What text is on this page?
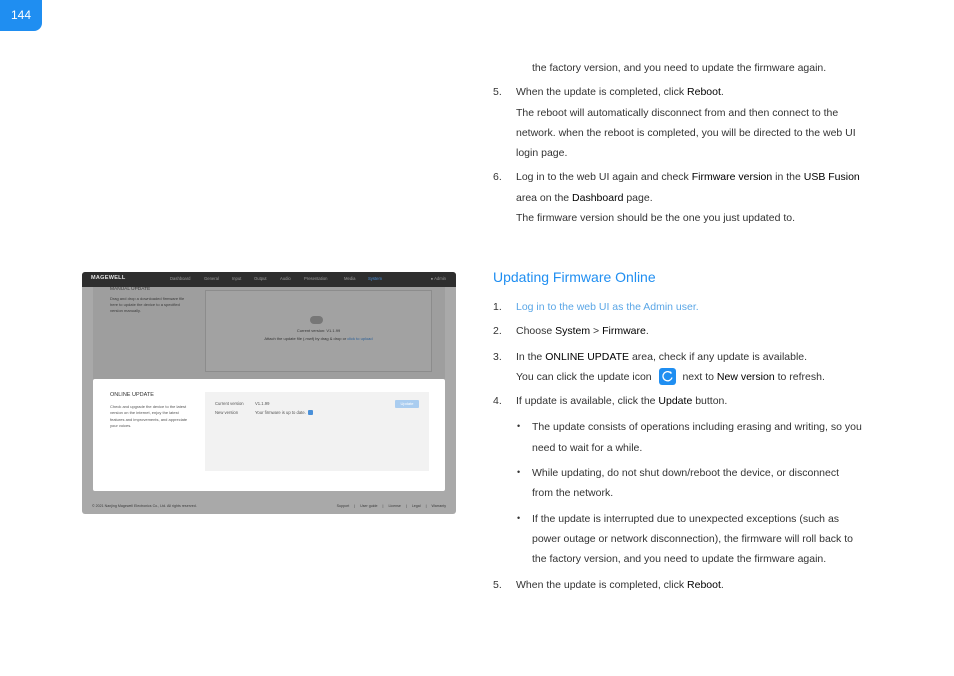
144
the factory version, and you need to update the firmware again.
5. When the update is completed, click Reboot.
The reboot will automatically disconnect from and then connect to the
network. when the reboot is completed, you will be directed to the web UI
login page.
6. Log in to the web UI again and check Firmware version in the USB Fusion
area on the Dashboard page.
The firmware version should be the one you just updated to.
Updating Firmware Online
1. Log in to the web UI as the Admin user.
2. Choose System > Firmware.
3. In the ONLINE UPDATE area, check if any update is available.
You can click the update icon	next to New version to refresh.
4. If update is available, click the Update button.
• The update consists of operations including erasing and writing, so you
need to wait for a while.
• While updating, do not shut down/reboot the device, or disconnect
from the network.
• If the update is interrupted due to unexpected exceptions (such as
power outage or network disconnection), the firmware will roll back to
the factory version, and you need to update the firmware again.
5. When the update is completed, click Reboot.
MAGEWELL	Dashboard	General	Input	Output	Audio	Presentation	Media	System	● Admin
MANUAL UPDATE
Drag and drop a downloaded firmware file here to update the device to a specified version manually.
Current version: V1.1.99
Attach the update file (.mwf) by drag & drop or click to upload
ONLINE UPDATE
Check and upgrade the device to the latest version on the internet, enjoy the latest features and improvements, and appreciate your voices.
Current version	V1.1.99
New version	Your firmware is up to date.
Update
© 2021 Nanjing Magewell Electronics Co., Ltd. All rights reserved.	Support | User guide | License | Legal | Warranty
